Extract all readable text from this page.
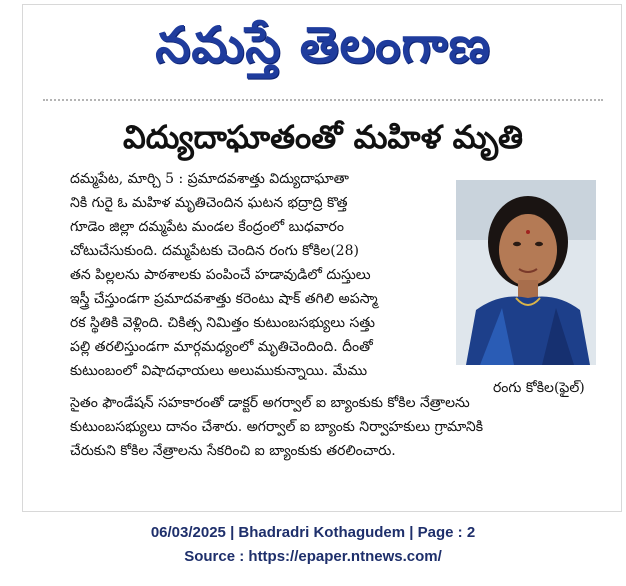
నమస్తే తెలంగాణ
విద్యుదాఘాతంతో మహిళ మృతి
రంగు కోకిల(ఫైల్)
దమ్మపేట, మార్చి 5 : ప్రమాదవశాత్తు విద్యుదాఘాతా
నికి గురై ఓ మహిళ మృతిచెందిన ఘటన భద్రాద్రి కొత్త
గూడెం జిల్లా దమ్మపేట మండల కేంద్రంలో బుధవారం
చోటుచేసుకుంది. దమ్మపేటకు చెందిన రంగు కోకిల(28)
తన పిల్లలను పాఠశాలకు పంపించే హడావుడిలో దుస్తులు
ఇస్త్రీ చేస్తుండగా ప్రమాదవశాత్తు కరెంటు షాక్ తగిలి అపస్మా
రక స్థితికి వెళ్లింది. చికిత్స నిమిత్తం కుటుంబసభ్యులు సత్తు
పల్లి తరలిస్తుండగా మార్గమధ్యంలో మృతిచెందింది. దీంతో
కుటుంబంలో విషాదఛాయలు అలుముకున్నాయి. మేము
సైతం ఫౌండేషన్ సహకారంతో డాక్టర్ అగర్వాల్ ఐ బ్యాంకుకు కోకిల నేత్రాలను
కుటుంబసభ్యులు దానం చేశారు. అగర్వాల్ ఐ బ్యాంకు నిర్వాహకులు గ్రామానికి
చేరుకుని కోకిల నేత్రాలను సేకరించి ఐ బ్యాంకుకు తరలించారు.
06/03/2025 | Bhadradri Kothagudem | Page : 2
Source : https://epaper.ntnews.com/
